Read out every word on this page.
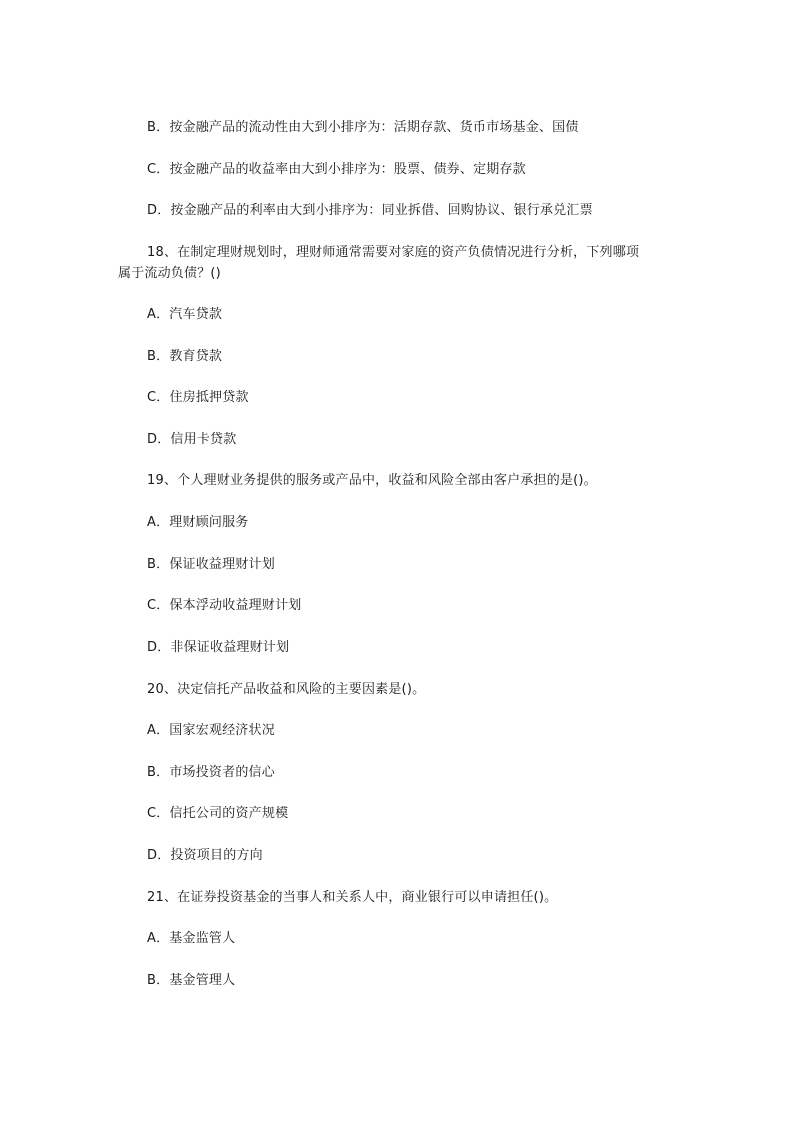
B．按金融产品的流动性由大到小排序为：活期存款、货币市场基金、国债
C．按金融产品的收益率由大到小排序为：股票、债券、定期存款
D．按金融产品的利率由大到小排序为：同业拆借、回购协议、银行承兑汇票
18、在制定理财规划时，理财师通常需要对家庭的资产负债情况进行分析，下列哪项
属于流动负债？()
A．汽车贷款
B．教育贷款
C．住房抵押贷款
D．信用卡贷款
19、个人理财业务提供的服务或产品中，收益和风险全部由客户承担的是()。
A．理财顾问服务
B．保证收益理财计划
C．保本浮动收益理财计划
D．非保证收益理财计划
20、决定信托产品收益和风险的主要因素是()。
A．国家宏观经济状况
B．市场投资者的信心
C．信托公司的资产规模
D．投资项目的方向
21、在证券投资基金的当事人和关系人中，商业银行可以申请担任()。
A．基金监管人
B．基金管理人
